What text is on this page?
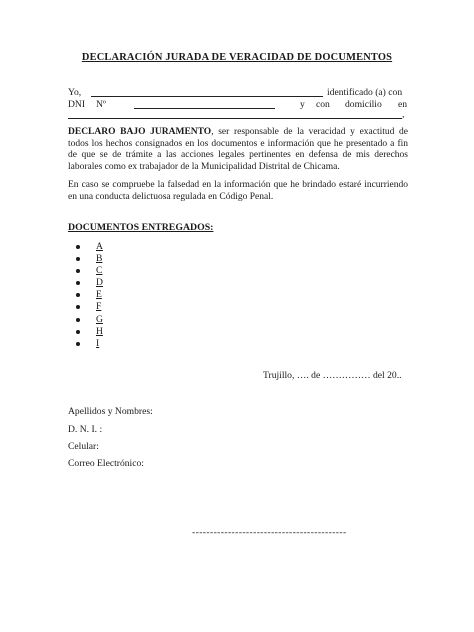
DECLARACIÓN JURADA DE VERACIDAD DE DOCUMENTOS
Yo,	identificado (a) con
DNI Nº	y con domicilio en
,
DECLARO BAJO JURAMENTO, ser responsable de la veracidad y exactitud de todos los hechos consignados en los documentos e información que he presentado a fin de que se de trámite a las acciones legales pertinentes en defensa de mis derechos laborales como ex trabajador de la Municipalidad Distrital de Chicama.
En caso se compruebe la falsedad en la información que he brindado estaré incurriendo en una conducta delictuosa regulada en Código Penal.
DOCUMENTOS ENTREGADOS:
A
B
C
D
E
F
G
H
I
Trujillo, …. de …………… del 20..
Apellidos y Nombres:
D. N. I. :
Celular:
Correo Electrónico:
-------------------------------------------
